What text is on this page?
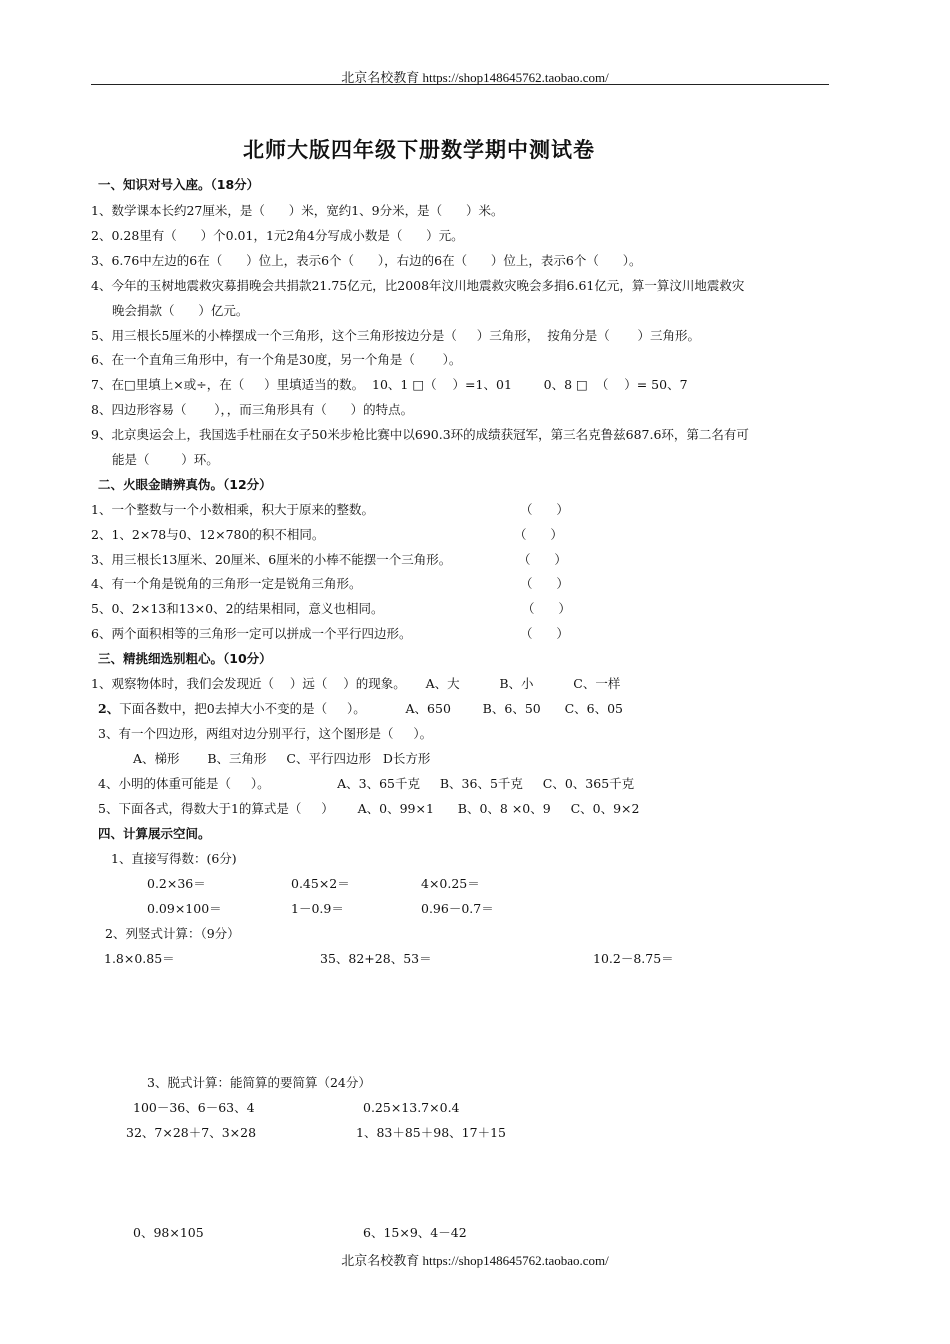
北京名校教育 https://shop148645762.taobao.com/
北师大版四年级下册数学期中测试卷
一、知识对号入座。（18分）
1、数学课本长约27厘米，是（      ）米，宽约1、9分米，是（      ）米。
2、0.28里有（      ）个0.01，1元2角4分写成小数是（      ）元。
3、6.76中左边的6在（      ）位上，表示6个（      ），右边的6在（      ）位上，表示6个（      ）。
4、今年的玉树地震救灾募捐晚会共捐款21.75亿元，比2008年汶川地震救灾晚会多捐6.61亿元，算一算汶川地震救灾
晚会捐款（      ）亿元。
5、用三根长5厘米的小棒摆成一个三角形，这个三角形按边分是（     ）三角形，  按角分是（       ）三角形。
6、在一个直角三角形中，有一个角是30度，另一个角是（       ）。
7、在□里填上×或÷，在（     ）里填适当的数。  10、1 □（    ）=1、01        0、8 □  （    ）= 50、7
8、四边形容易（       ），，而三角形具有（      ）的特点。
9、北京奥运会上，我国选手杜丽在女子50米步枪比赛中以690.3环的成绩获冠军，第三名克鲁兹687.6环，第二名有可
能是（        ）环。
二、火眼金睛辨真伪。（12分）
1、一个整数与一个小数相乘，积大于原来的整数。	（      ）
2、1、2×78与0、12×780的积不相同。	（      ）
3、用三根长13厘米、20厘米、6厘米的小棒不能摆一个三角形。	（      ）
4、有一个角是锐角的三角形一定是锐角三角形。	（      ）
5、0、2×13和13×0、2的结果相同，意义也相同。	（      ）
6、两个面积相等的三角形一定可以拼成一个平行四边形。	（      ）
三、精挑细选别粗心。（10分）
1、观察物体时，我们会发现近（    ）远（    ）的现象。     A、大          B、小          C、一样
2、下面各数中，把0去掉大小不变的是（     ）。          A、650        B、6、50      C、6、05
3、有一个四边形，两组对边分别平行，这个图形是（     ）。
A、梯形       B、三角形     C、平行四边形   D长方形
4、小明的体重可能是（     ）。                 A、3、65千克     B、36、5千克     C、0、365千克
5、下面各式，得数大于1的算式是（     ）      A、0、99×1      B、0、8 ×0、9     C、0、9×2
四、计算展示空间。
1、直接写得数：(6分)
0.2×36＝	0.45×2＝	4×0.25＝
0.09×100＝	1－0.9＝	0.96－0.7＝
2、列竖式计算：（9分）
1.8×0.85＝	35、82+28、53＝	10.2－8.75＝
3、脱式计算：能简算的要简算（24分）
100－36、6－63、4	0.25×13.7×0.4
32、7×28＋7、3×28	1、83＋85＋98、17＋15
0、98×105	6、15×9、4－42
北京名校教育 https://shop148645762.taobao.com/
